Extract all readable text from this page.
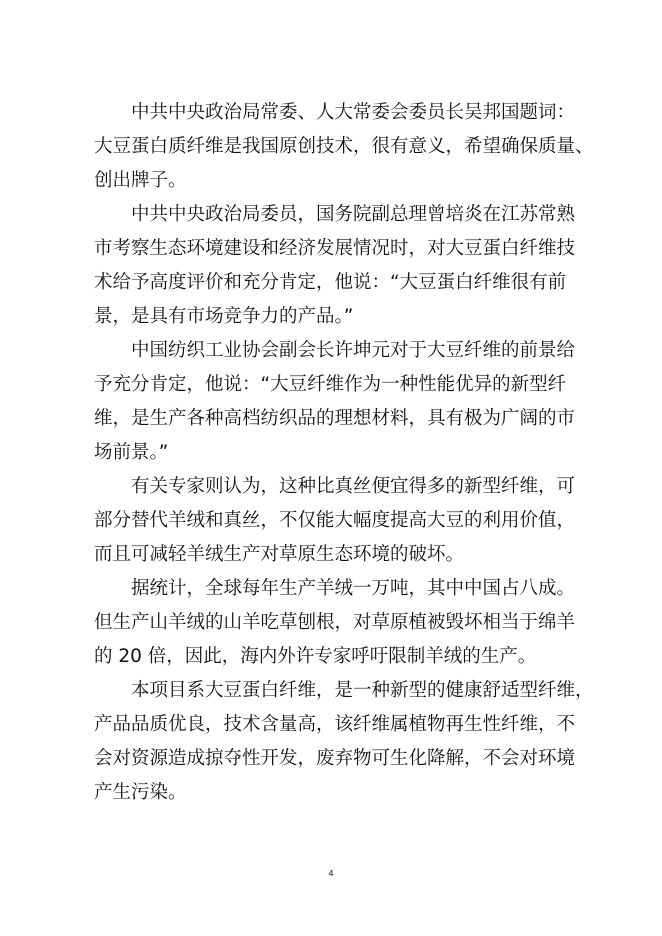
中共中央政治局常委、人大常委会委员长吴邦国题词：
大豆蛋白质纤维是我国原创技术，很有意义，希望确保质量、
创出牌子。

中共中央政治局委员，国务院副总理曾培炎在江苏常熟
市考察生态环境建设和经济发展情况时，对大豆蛋白纤维技
术给予高度评价和充分肯定，他说：“大豆蛋白纤维很有前
景，是具有市场竞争力的产品。”

中国纺织工业协会副会长许坤元对于大豆纤维的前景给
予充分肯定，他说：“大豆纤维作为一种性能优异的新型纤
维，是生产各种高档纺织品的理想材料，具有极为广阔的市
场前景。”

有关专家则认为，这种比真丝便宜得多的新型纤维，可
部分替代羊绒和真丝，不仅能大幅度提高大豆的利用价值，
而且可减轻羊绒生产对草原生态环境的破坏。

据统计，全球每年生产羊绒一万吨，其中中国占八成。
但生产山羊绒的山羊吃草刨根，对草原植被毁坏相当于绵羊
的 20 倍，因此，海内外许专家呼吁限制羊绒的生产。

本项目系大豆蛋白纤维，是一种新型的健康舒适型纤维，
产品品质优良，技术含量高，该纤维属植物再生性纤维，不
会对资源造成掠夺性开发，废弃物可生化降解，不会对环境
产生污染。

4
